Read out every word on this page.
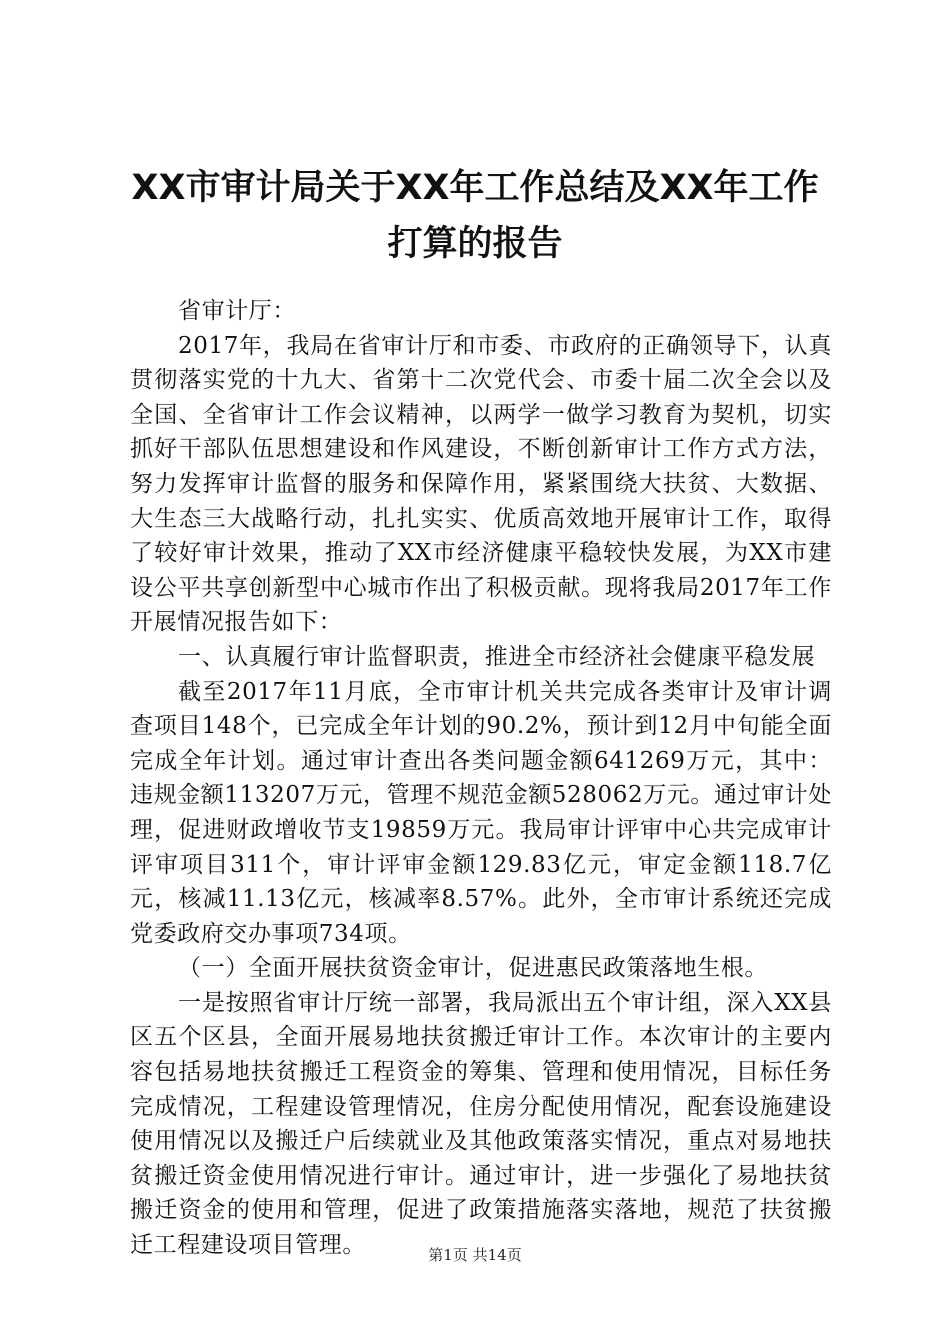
XX市审计局关于XX年工作总结及XX年工作打算的报告

省审计厅：

2017年，我局在省审计厅和市委、市政府的正确领导下，认真贯彻落实党的十九大、省第十二次党代会、市委十届二次全会以及全国、全省审计工作会议精神，以两学一做学习教育为契机，切实抓好干部队伍思想建设和作风建设，不断创新审计工作方式方法，努力发挥审计监督的服务和保障作用，紧紧围绕大扶贫、大数据、大生态三大战略行动，扎扎实实、优质高效地开展审计工作，取得了较好审计效果，推动了XX市经济健康平稳较快发展，为XX市建设公平共享创新型中心城市作出了积极贡献。现将我局2017年工作开展情况报告如下：

一、认真履行审计监督职责，推进全市经济社会健康平稳发展

截至2017年11月底，全市审计机关共完成各类审计及审计调查项目148个，已完成全年计划的90.2%，预计到12月中旬能全面完成全年计划。通过审计查出各类问题金额641269万元，其中：违规金额113207万元，管理不规范金额528062万元。通过审计处理，促进财政增收节支19859万元。我局审计评审中心共完成审计评审项目311个，审计评审金额129.83亿元，审定金额118.7亿元，核减11.13亿元，核减率8.57%。此外，全市审计系统还完成党委政府交办事项734项。

（一）全面开展扶贫资金审计，促进惠民政策落地生根。

一是按照省审计厅统一部署，我局派出五个审计组，深入XX县区五个区县，全面开展易地扶贫搬迁审计工作。本次审计的主要内容包括易地扶贫搬迁工程资金的筹集、管理和使用情况，目标任务完成情况，工程建设管理情况，住房分配使用情况，配套设施建设使用情况以及搬迁户后续就业及其他政策落实情况，重点对易地扶贫搬迁资金使用情况进行审计。通过审计，进一步强化了易地扶贫搬迁资金的使用和管理，促进了政策措施落实落地，规范了扶贫搬迁工程建设项目管理。	第1页 共14页
